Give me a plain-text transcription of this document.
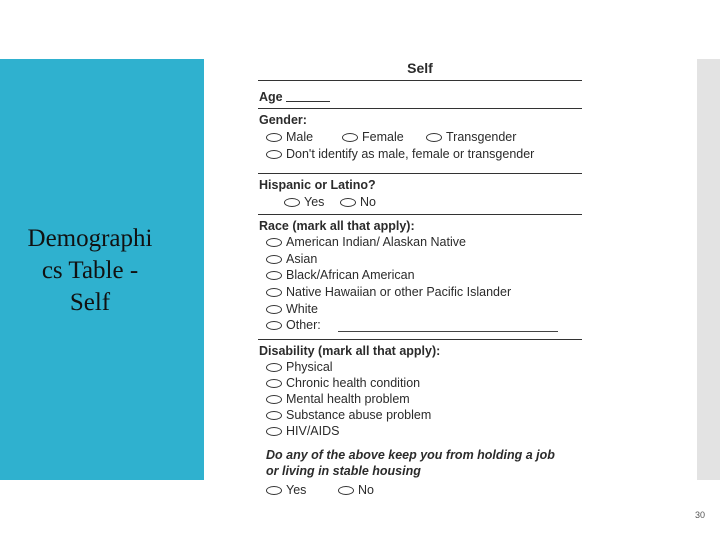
Demographi
cs Table -
Self
Self
Age
Gender:
Male	Female	Transgender
Don't identify as male, female or transgender
Hispanic or Latino?
Yes	No
Race (mark all that apply):
American Indian/ Alaskan Native
Asian
Black/African American
Native Hawaiian or other Pacific Islander
White
Other:
Disability (mark all that apply):
Physical
Chronic health condition
Mental health problem
Substance abuse problem
HIV/AIDS
Do any of the above keep you from holding a job
or living in stable housing
Yes	No
30
